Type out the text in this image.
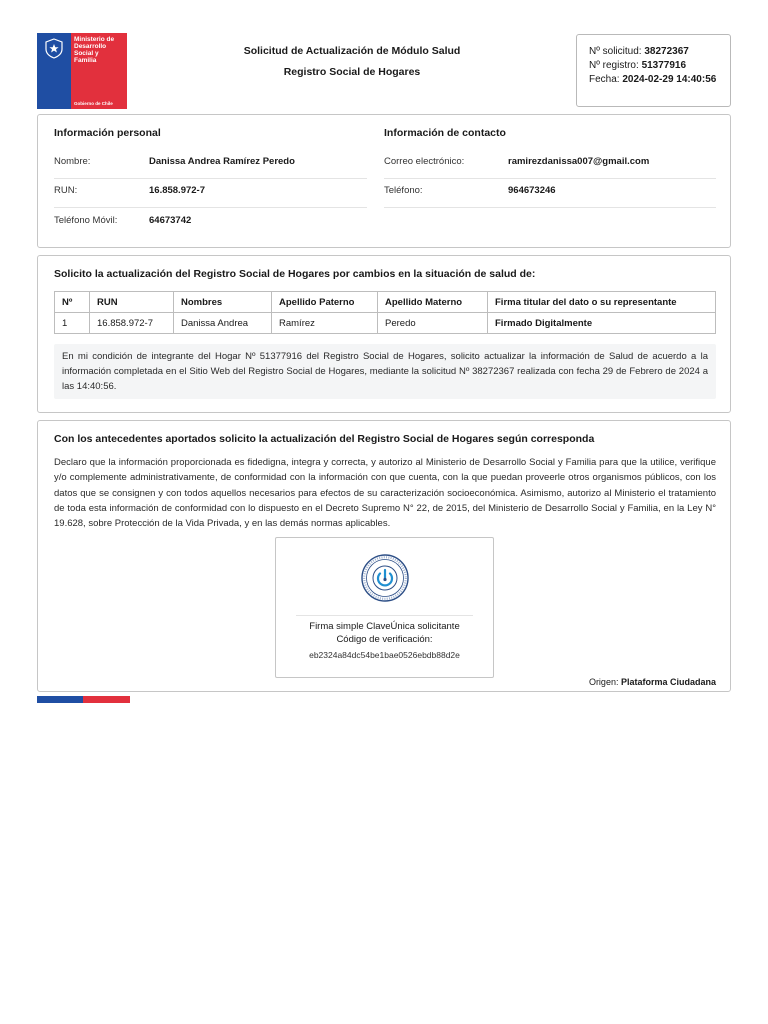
Ministerio de
Desarrollo
Social y
Familia
Gobierno de Chile
Solicitud de Actualización de Módulo Salud
Registro Social de Hogares
Nº solicitud: 38272367
Nº registro: 51377916
Fecha: 2024-02-29 14:40:56
Información personal	Información de contacto
Nombre:	Danissa Andrea Ramírez Peredo	Correo electrónico:	ramirezdanissa007@gmail.com
RUN:	16.858.972-7	Teléfono:	964673246
Teléfono Móvil:	64673742
Solicito la actualización del Registro Social de Hogares por cambios en la situación de salud de:
Nº	RUN	Nombres	Apellido Paterno	Apellido Materno	Firma titular del dato o su representante
1	16.858.972-7	Danissa Andrea	Ramírez	Peredo	Firmado Digitalmente
En mi condición de integrante del Hogar Nº 51377916 del Registro Social de Hogares, solicito actualizar la información de Salud de acuerdo a la información completada en el Sitio Web del Registro Social de Hogares, mediante la solicitud Nº 38272367 realizada con fecha 29 de Febrero de 2024 a las 14:40:56.
Con los antecedentes aportados solicito la actualización del Registro Social de Hogares según corresponda
Declaro que la información proporcionada es fidedigna, integra y correcta, y autorizo al Ministerio de Desarrollo Social y Familia para que la utilice, verifique y/o complemente administrativamente, de conformidad con la información con que cuenta, con la que puedan proveerle otros organismos públicos, con los datos que se consignen y con todos aquellos necesarios para efectos de su caracterización socioeconómica. Asimismo, autorizo al Ministerio el tratamiento de toda esta información de conformidad con lo dispuesto en el Decreto Supremo N° 22, de 2015, del Ministerio de Desarrollo Social y Familia, en la Ley N° 19.628, sobre Protección de la Vida Privada, y en las demás normas aplicables.
Firma simple ClaveÚnica solicitante
Código de verificación:
eb2324a84dc54be1bae0526ebdb88d2e
Origen: Plataforma Ciudadana
